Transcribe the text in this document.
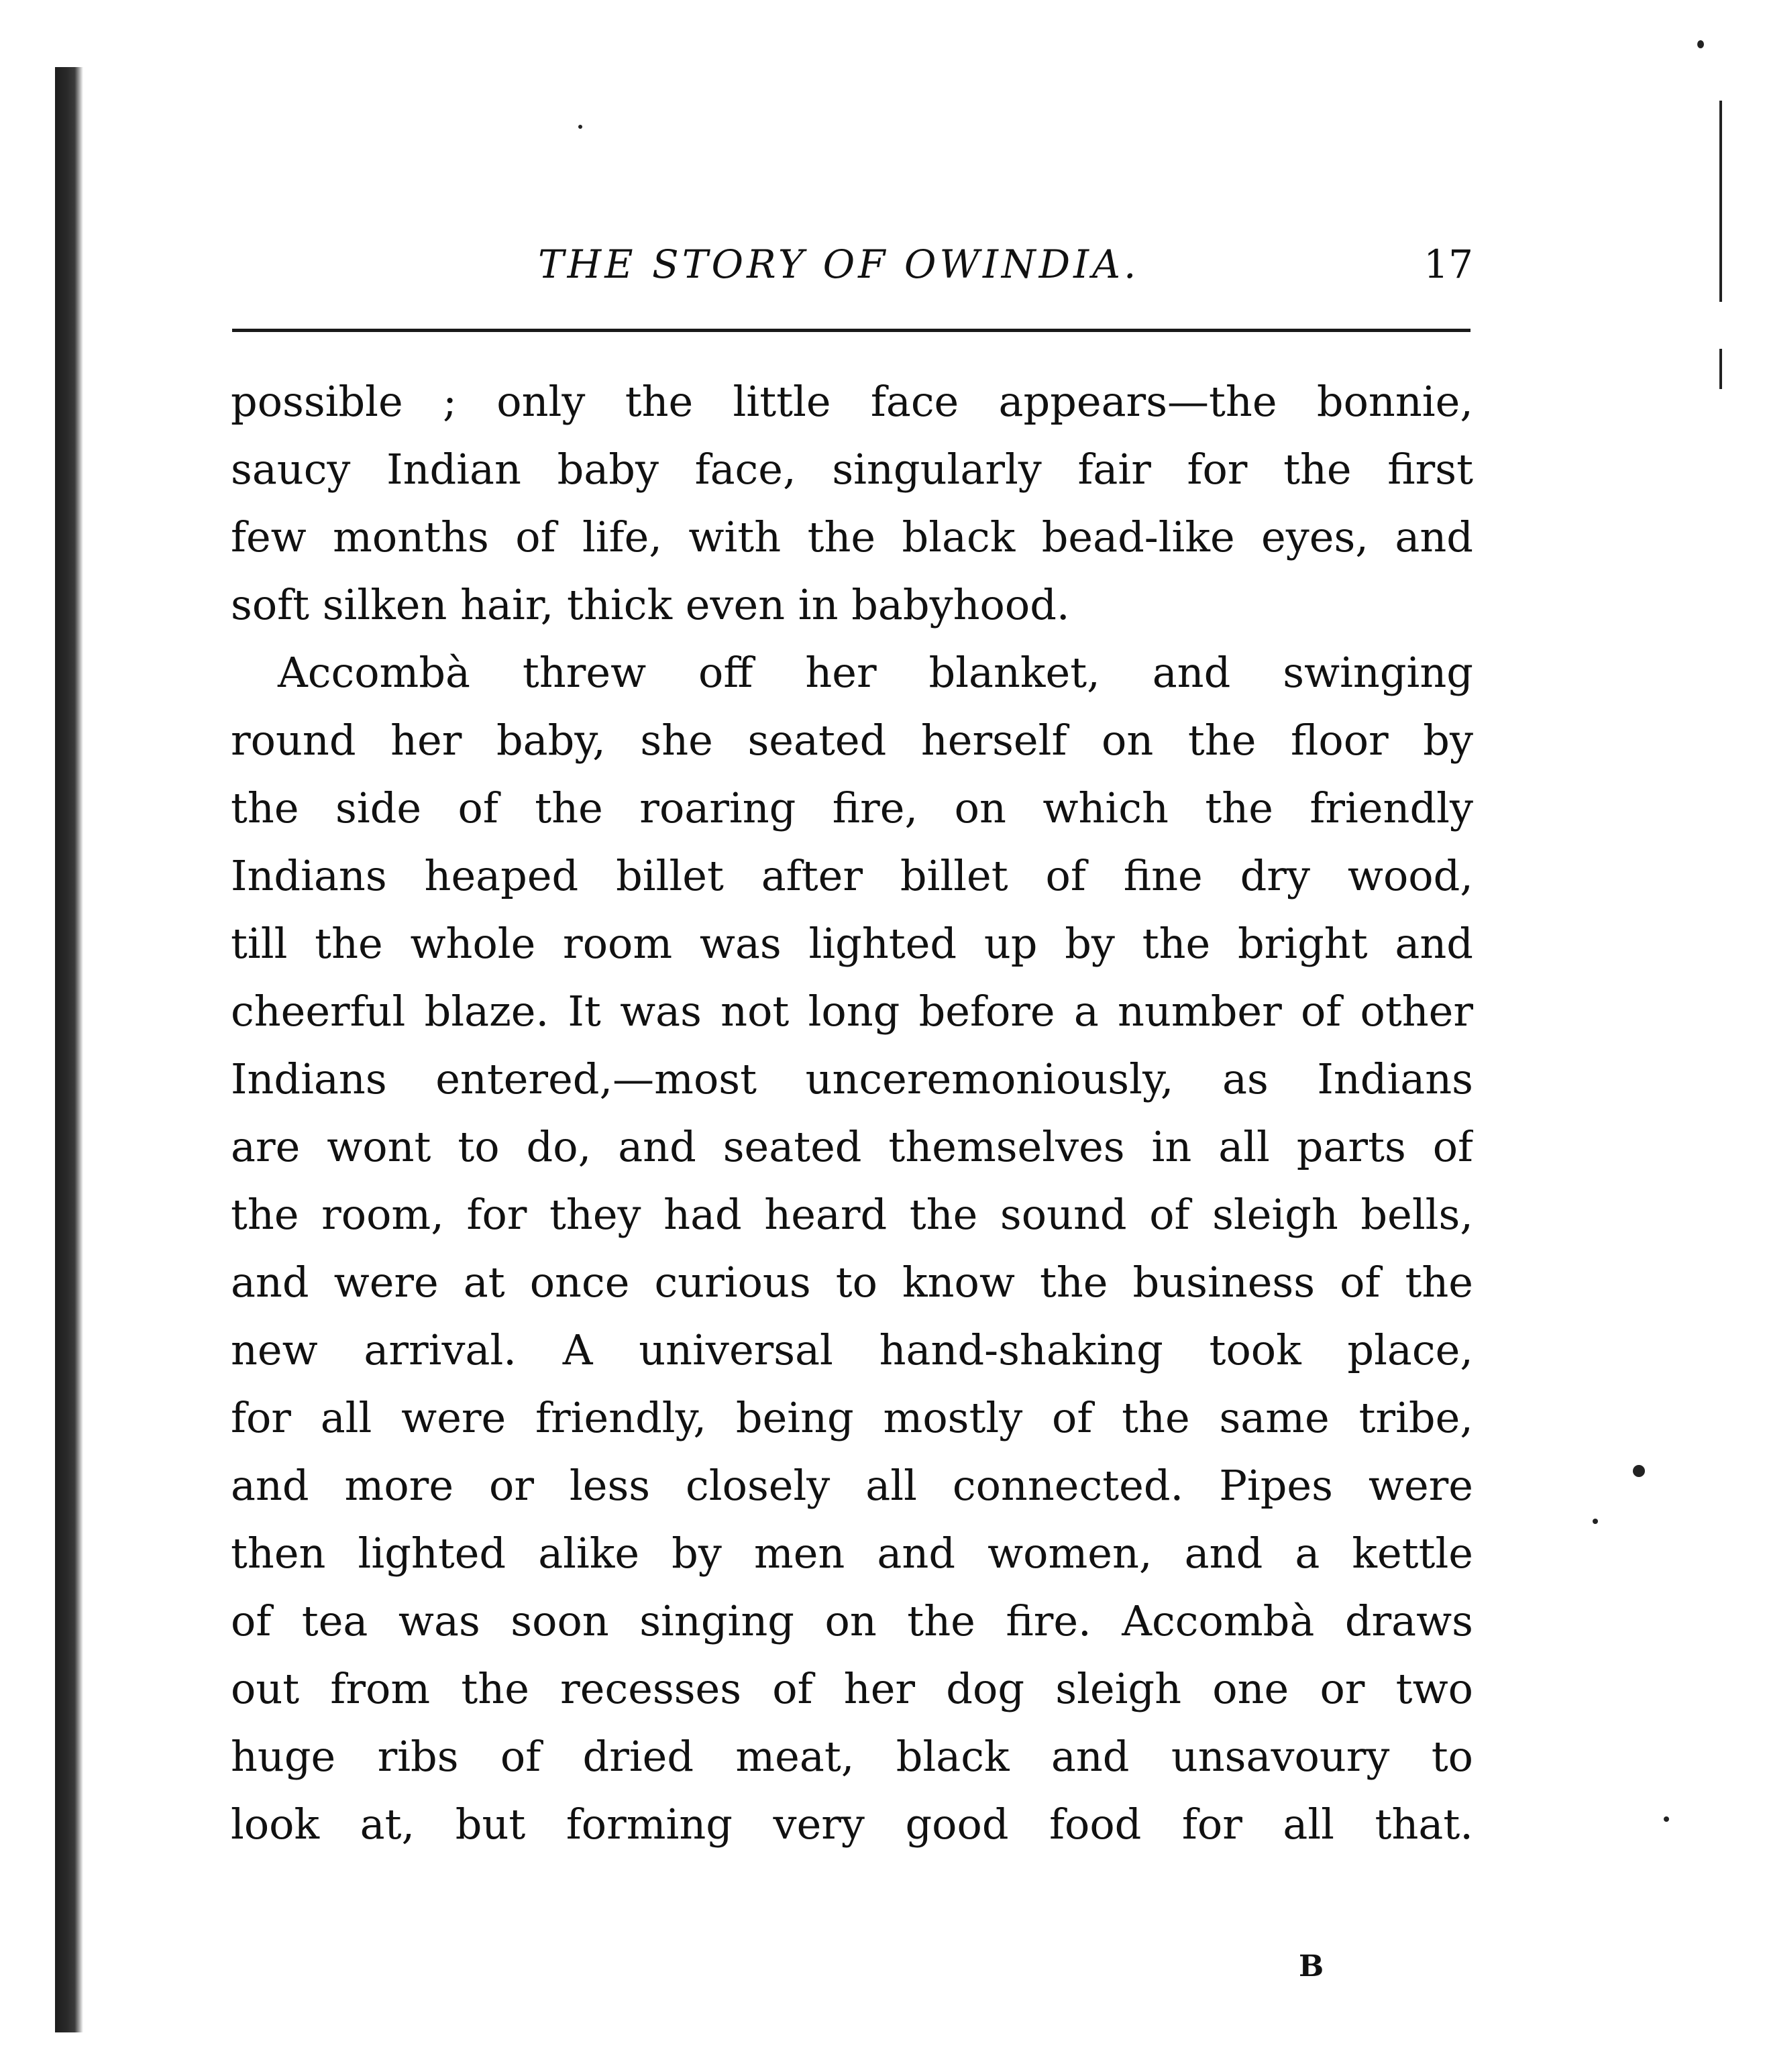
THE STORY OF OWINDIA.	17
possible ; only the little face appears—the bonnie,
saucy Indian baby face, singularly fair for the first
few months of life, with the black bead-like eyes, and
soft silken hair, thick even in babyhood.
Accombà threw off her blanket, and swinging
round her baby, she seated herself on the floor by
the side of the roaring fire, on which the friendly
Indians heaped billet after billet of fine dry wood,
till the whole room was lighted up by the bright and
cheerful blaze. It was not long before a number of other
Indians entered,—most unceremoniously, as Indians
are wont to do, and seated themselves in all parts of
the room, for they had heard the sound of sleigh bells,
and were at once curious to know the business of the
new arrival. A universal hand-shaking took place,
for all were friendly, being mostly of the same tribe,
and more or less closely all connected. Pipes were
then lighted alike by men and women, and a kettle
of tea was soon singing on the fire. Accombà draws
out from the recesses of her dog sleigh one or two
huge ribs of dried meat, black and unsavoury to
look at, but forming very good food for all that.
B
